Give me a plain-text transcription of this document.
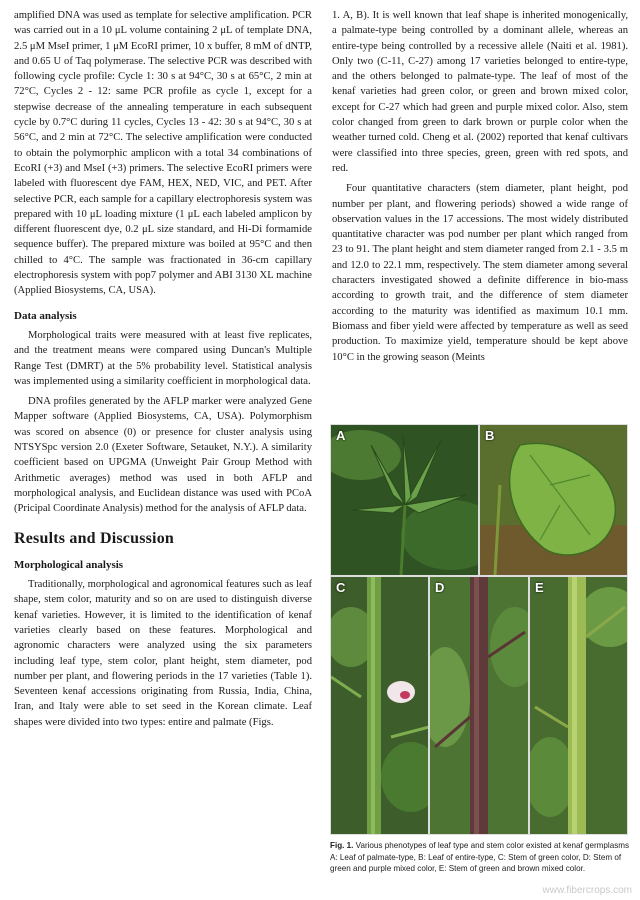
amplified DNA was used as template for selective amplification. PCR was carried out in a 10 μL volume containing 2 μL of template DNA, 2.5 μM MseI primer, 1 μM EcoRI primer, 10 x buffer, 8 mM of dNTP, and 0.65 U of Taq polymerase. The selective PCR was described with following cycle profile: Cycle 1: 30 s at 94°C, 30 s at 65°C, 2 min at 72°C, Cycles 2 - 12: same PCR profile as cycle 1, except for a stepwise decrease of the annealing temperature in each subsequent cycle by 0.7°C during 11 cycles, Cycles 13 - 42: 30 s at 94°C, 30 s at 56°C, and 2 min at 72°C. The selective amplification were conducted to obtain the polymorphic amplicon with a total 34 combinations of EcoRI (+3) and MseI (+3) primers. The selective EcoRI primers were labeled with fluorescent dye FAM, HEX, NED, VIC, and PET. After selective PCR, each sample for a capillary electrophoresis system was prepared with 10 μL loading mixture (1 μL each labeled amplicon by different fluorescent dye, 0.2 μL size standard, and Hi-Di formamide sequence buffer). The prepared mixture was boiled at 95°C and then chilled to 4°C. The sample was fractionated in 36-cm capillary electrophoresis system with pop7 polymer and ABI 3130 XL machine (Applied Biosystems, CA, USA).

Data analysis

Morphological traits were measured with at least five replicates, and the treatment means were compared using Duncan's Multiple Range Test (DMRT) at the 5% probability level. Statistical analysis was implemented using a similarity coefficient in morphological data.

DNA profiles generated by the AFLP marker were analyzed Gene Mapper software (Applied Biosystems, CA, USA). Polymorphism was scored on absence (0) or presence for cluster analysis using NTSYSpc version 2.0 (Exeter Software, Setauket, N.Y.). A similarity coefficient based on UPGMA (Unweight Pair Group Method with Arithmetic averages) method was used in both AFLP and morphological analysis, and Euclidean distance was used with PCoA (Pricipal Coordinate Analysis) method for the analysis of AFLP data.

Results and Discussion
Morphological analysis

Traditionally, morphological and agronomical features such as leaf shape, stem color, maturity and so on are used to distinguish diverse kenaf varieties. However, it is limited to the identification of kenaf varieties clearly based on these features. Morphological and agronomic characters were analyzed using the six parameters including leaf type, stem color, plant height, stem diameter, pod number per plant, and flowering periods in the 17 varieties (Table 1). Seventeen kenaf accessions originating from Russia, India, China, Iran, and Italy were able to set seed in the Korean climate. Leaf shapes were divided into two types: entire and palmate (Figs.

1. A, B). It is well known that leaf shape is inherited monogenically, a palmate-type being controlled by a dominant allele, whereas an entire-type being controlled by a recessive allele (Naiti et al. 1981). Only two (C-11, C-27) among 17 varieties belonged to entire-type, and the others belonged to palmate-type. The leaf of most of the kenaf varieties had green color, or green and brown mixed color, except for C-27 which had green and purple mixed color. Also, stem color changed from green to dark brown or purple color when the weather turned cold. Cheng et al. (2002) reported that kenaf cultivars were classified into three species, green, green with red spots, and red.

Four quantitative characters (stem diameter, plant height, pod number per plant, and flowering periods) showed a wide range of observation values in the 17 accessions. The most widely distributed quantitative character was pod number per plant which ranged from 23 to 91. The plant height and stem diameter ranged from 2.1 - 3.5 m and 12.0 to 22.1 mm, respectively. The stem diameter among several characters investigated showed a definite difference in bio-mass according to growth trait, and the difference of stem diameter according to the maturity was identified as maximum 10.1 mm. Biomass and fiber yield were affected by temperature as well as seed production. To maximize yield, temperature should be kept above 10°C in the growing season (Meints

A	B
C	D	E
Fig. 1. Various phenotypes of leaf type and stem color existed at kenaf germplasms A: Leaf of palmate-type, B: Leaf of entire-type, C: Stem of green color, D: Stem of green and purple mixed color, E: Stem of green and brown mixed color.
www.fibercrops.com
